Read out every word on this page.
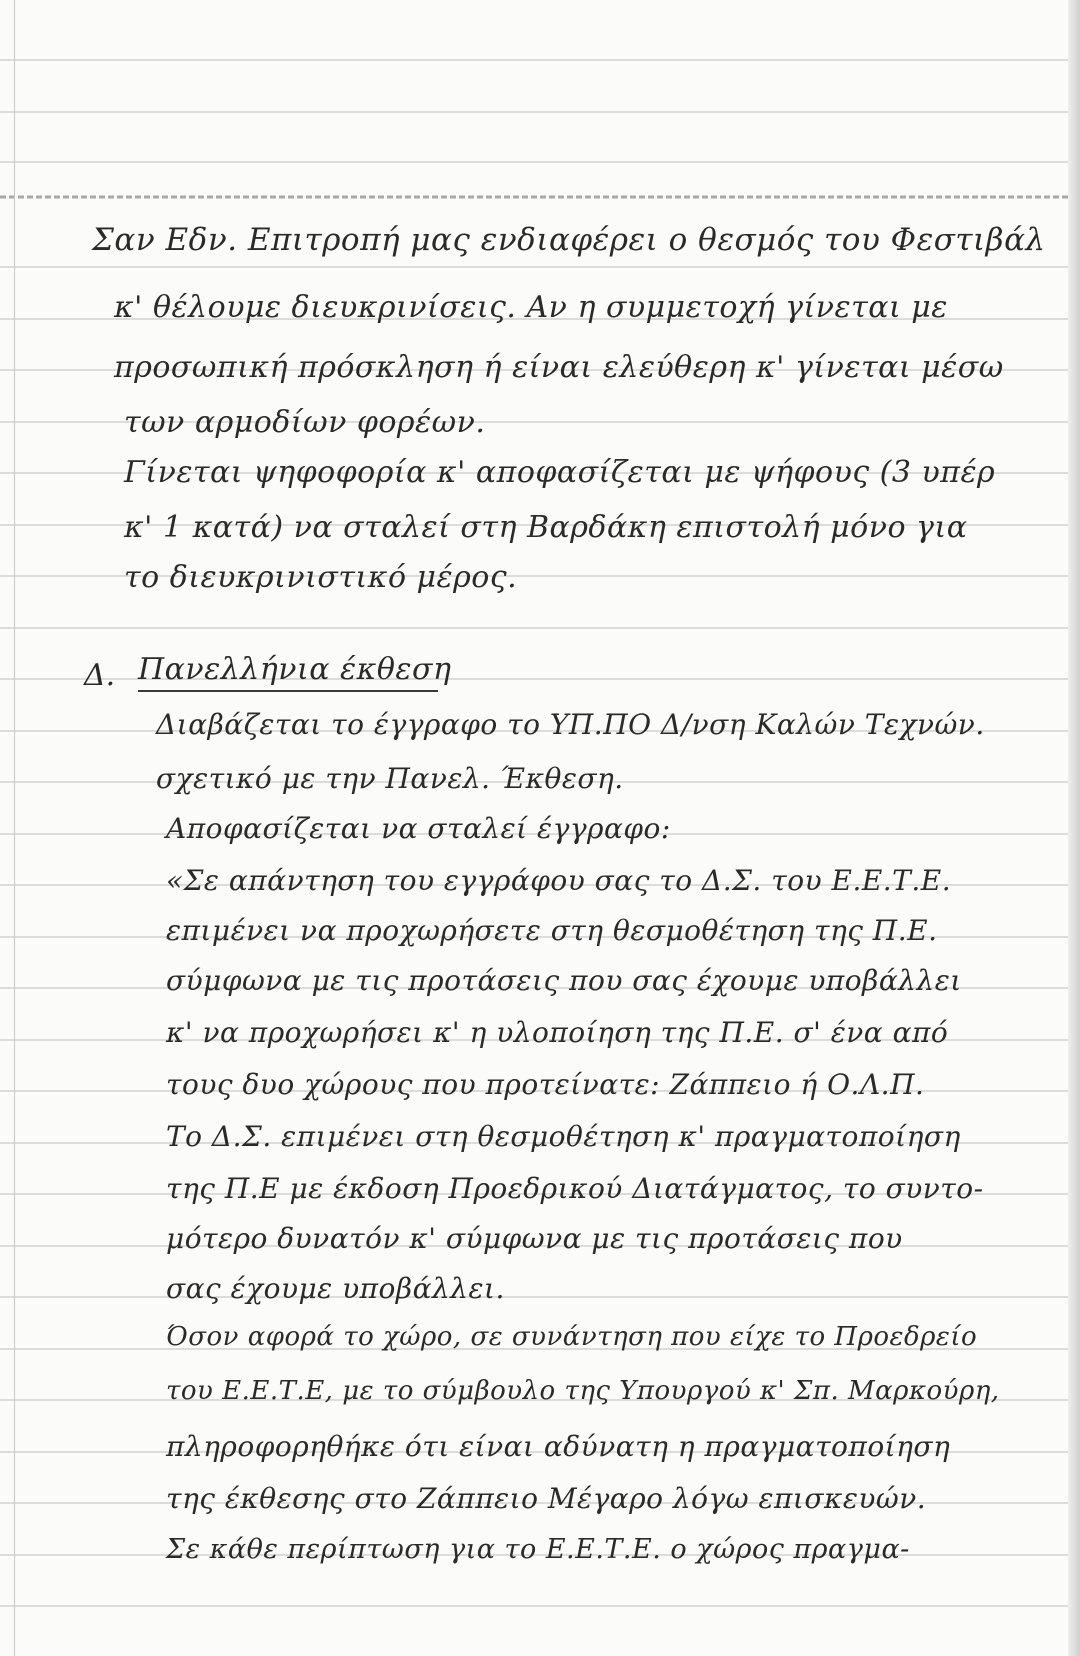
Σαν Εδν. Επιτροπή μας ενδιαφέρει ο θεσμός του Φεστιβάλ
κ' θέλουμε διευκρινίσεις. Αν η συμμετοχή γίνεται με
προσωπική πρόσκληση ή είναι ελεύθερη κ' γίνεται μέσω
των αρμοδίων φορέων.
Γίνεται ψηφοφορία κ' αποφασίζεται με ψήφους (3 υπέρ
κ' 1 κατά) να σταλεί στη Βαρδάκη επιστολή μόνο για
το διευκρινιστικό μέρος.
Δ. Πανελλήνια έκθεση
Διαβάζεται το έγγραφο το ΥΠ.ΠΟ Δ/νση Καλών Τεχνών.
σχετικό με την Πανελ. Έκθεση.
Αποφασίζεται να σταλεί έγγραφο:
«Σε απάντηση του εγγράφου σας το Δ.Σ. του Ε.Ε.Τ.Ε.
επιμένει να προχωρήσετε στη θεσμοθέτηση της Π.Ε.
σύμφωνα με τις προτάσεις που σας έχουμε υποβάλλει
κ' να προχωρήσει κ' η υλοποίηση της Π.Ε. σ' ένα από
τους δυο χώρους που προτείνατε: Ζάππειο ή Ο.Λ.Π.
Το Δ.Σ. επιμένει στη θεσμοθέτηση κ' πραγματοποίηση
της Π.Ε με έκδοση Προεδρικού Διατάγματος, το συντο-
μότερο δυνατόν κ' σύμφωνα με τις προτάσεις που
σας έχουμε υποβάλλει.
Όσον αφορά το χώρο, σε συνάντηση που είχε το Προεδρείο
του Ε.Ε.Τ.Ε, με το σύμβουλο της Υπουργού κ' Σπ. Μαρκούρη,
πληροφορηθήκε ότι είναι αδύνατη η πραγματοποίηση
της έκθεσης στο Ζάππειο Μέγαρο λόγω επισκευών.
Σε κάθε περίπτωση για το Ε.Ε.Τ.Ε. ο χώρος πραγμα-
